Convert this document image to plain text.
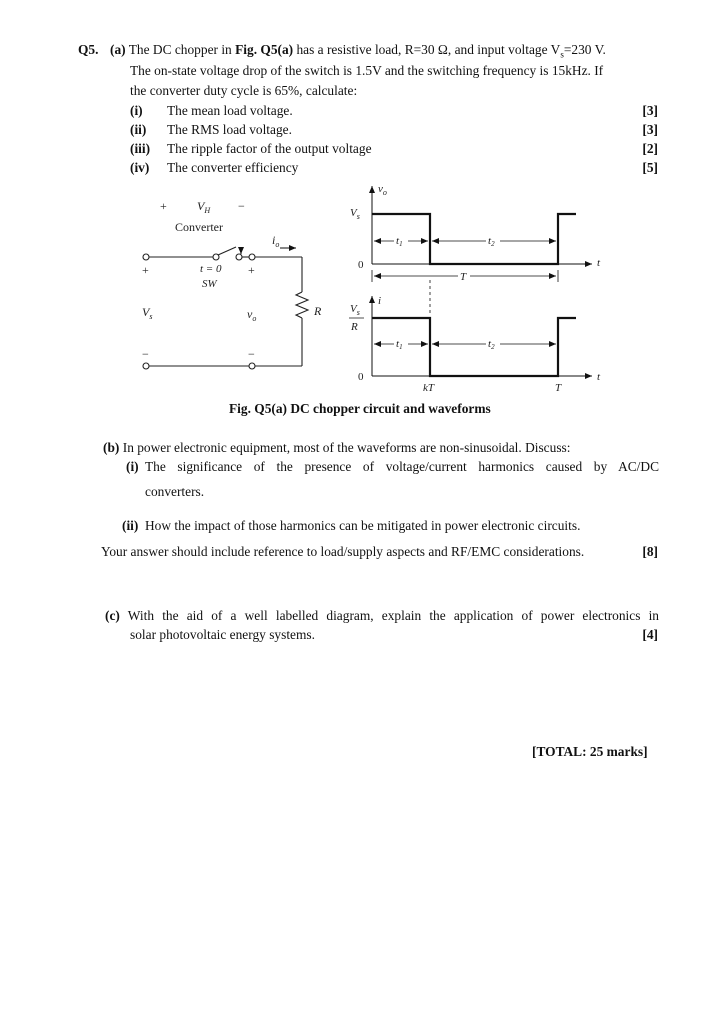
Q5. (a) The DC chopper in Fig. Q5(a) has a resistive load, R=30 Ω, and input voltage $V_s=230$ V.
The on-state voltage drop of the switch is 1.5V and the switching frequency is 15kHz. If
the converter duty cycle is 65%, calculate:
(i) The mean load voltage.	[3]
(ii) The RMS load voltage.	[3]
(iii) The ripple factor of the output voltage	[2]
(iv) The converter efficiency	[5]
+	$V_H$ −
Converter
$i_o$
+	+
t = 0
SW
$V_s$	$v_o$
R
−	−
$v_o$
$V_s$
0
t1	t2
T
t
i
$V_s$
R
0
t1	t2
kT	T
t
Fig. Q5(a) DC chopper circuit and waveforms
(b) In power electronic equipment, most of the waveforms are non-sinusoidal. Discuss:
(i) The significance of the presence of voltage/current harmonics caused by AC/DC
converters.
(ii) How the impact of those harmonics can be mitigated in power electronic circuits.
Your answer should include reference to load/supply aspects and RF/EMC considerations.	[8]
(c) With the aid of a well labelled diagram, explain the application of power electronics in
solar photovoltaic energy systems.	[4]
[TOTAL: 25 marks]
